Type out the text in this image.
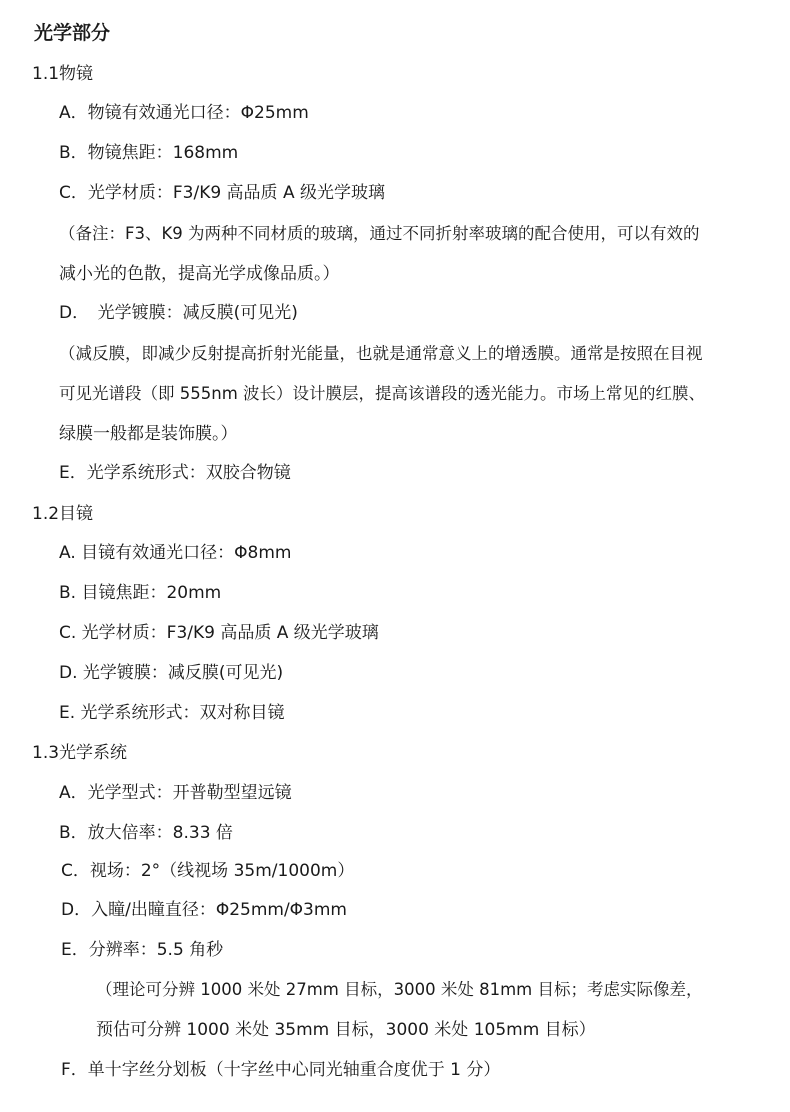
光学部分
1.1物镜
A．物镜有效通光口径：Φ25mm
B．物镜焦距：168mm
C．光学材质：F3/K9 高品质 A 级光学玻璃
（备注：F3、K9 为两种不同材质的玻璃，通过不同折射率玻璃的配合使用，可以有效的
减小光的色散，提高光学成像品质。）
D．　光学镀膜：减反膜(可见光)
（减反膜，即减少反射提高折射光能量，也就是通常意义上的增透膜。通常是按照在目视
可见光谱段（即 555nm 波长）设计膜层，提高该谱段的透光能力。市场上常见的红膜、
绿膜一般都是装饰膜。）
E．光学系统形式：双胶合物镜
1.2目镜
A. 目镜有效通光口径：Φ8mm
B. 目镜焦距：20mm
C. 光学材质：F3/K9 高品质 A 级光学玻璃
D. 光学镀膜：减反膜(可见光)
E. 光学系统形式：双对称目镜
1.3光学系统
A．光学型式：开普勒型望远镜
B．放大倍率：8.33 倍
C．视场：2°（线视场 35m/1000m）
D．入瞳/出瞳直径：Φ25mm/Φ3mm
E．分辨率：5.5 角秒
（理论可分辨 1000 米处 27mm 目标，3000 米处 81mm 目标；考虑实际像差，
预估可分辨 1000 米处 35mm 目标，3000 米处 105mm 目标）
F．单十字丝分划板（十字丝中心同光轴重合度优于 1 分）
